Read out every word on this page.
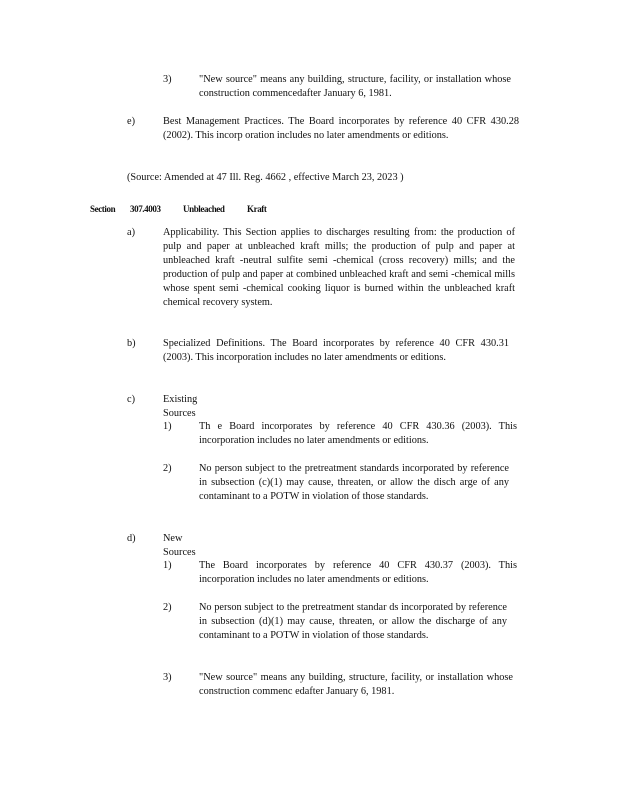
3)	"New source" means any building, structure, facility, or installation whose construction commencedafter January 6, 1981.
e)	Best Management Practices. The Board incorporates by reference 40 CFR 430.28 (2002). This incorp oration includes no later amendments or editions.
(Source: Amended at 47 Ill. Reg. 4662 , effective March 23, 2023 )
Section 307.4003 Unbleached Kraft
a)	Applicability. This Section applies to discharges resulting from: the production of pulp and paper at unbleached kraft mills; the production of pulp and paper at unbleached kraft -neutral sulfite semi -chemical (cross recovery) mills; and the production of pulp and paper at combined unbleached kraft and semi -chemical mills whose spent semi -chemical cooking liquor is burned within the unbleached kraft chemical recovery system.
b)	Specialized Definitions. The Board incorporates by reference 40 CFR 430.31 (2003). This incorporation includes no later amendments or editions.
c)	Existing Sources
1)	Th e Board incorporates by reference 40 CFR 430.36 (2003). This incorporation includes no later amendments or editions.
2)	No person subject to the pretreatment standards incorporated by reference in subsection (c)(1) may cause, threaten, or allow the disch arge of any contaminant to a POTW in violation of those standards.
d)	New Sources
1)	The Board incorporates by reference 40 CFR 430.37 (2003). This incorporation includes no later amendments or editions.
2)	No person subject to the pretreatment standar ds incorporated by reference in subsection (d)(1) may cause, threaten, or allow the discharge of any contaminant to a POTW in violation of those standards.
3)	"New source" means any building, structure, facility, or installation whose construction commenc edafter January 6, 1981.
